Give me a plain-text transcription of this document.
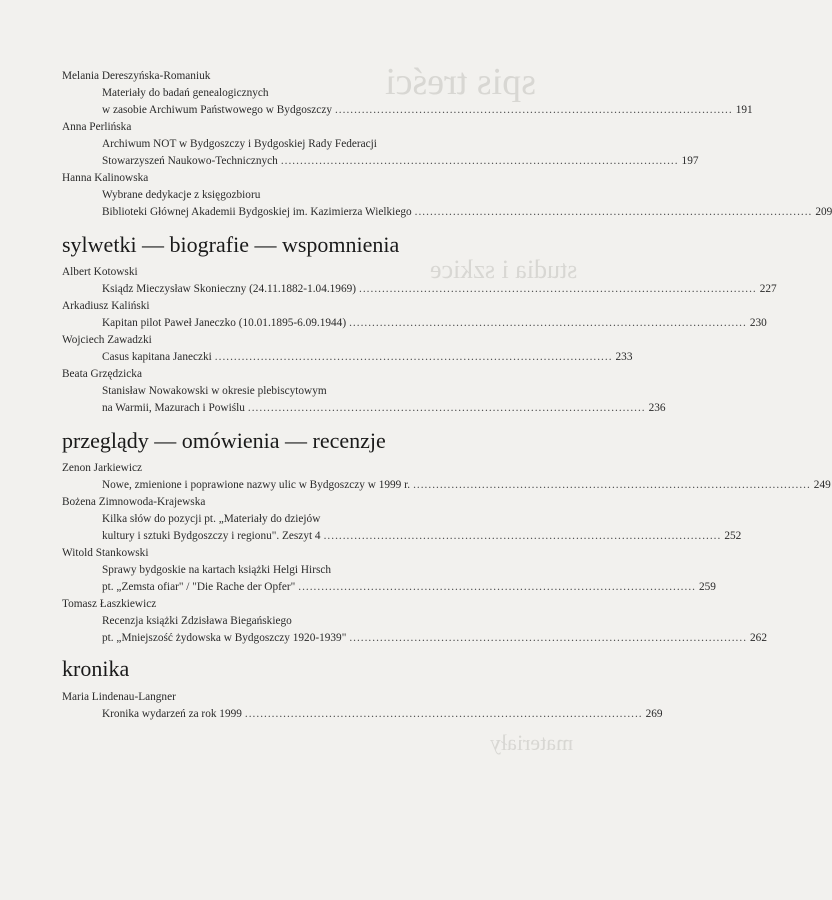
spis treści
studia i szkice
materiały
Melania Dereszyńska-Romaniuk
Materiały do badań genealogicznych
w zasobie Archiwum Państwowego w Bydgoszczy ........................................................................................................ 191
Anna Perlińska
Archiwum NOT w Bydgoszczy i Bydgoskiej Rady Federacji
Stowarzyszeń Naukowo-Technicznych ........................................................................................................ 197
Hanna Kalinowska
Wybrane dedykacje z księgozbioru
Biblioteki Głównej Akademii Bydgoskiej im. Kazimierza Wielkiego ........................................................................................................ 209
sylwetki — biografie — wspomnienia
Albert Kotowski
Ksiądz Mieczysław Skonieczny (24.11.1882-1.04.1969) ........................................................................................................ 227
Arkadiusz Kaliński
Kapitan pilot Paweł Janeczko (10.01.1895-6.09.1944) ........................................................................................................ 230
Wojciech Zawadzki
Casus kapitana Janeczki ........................................................................................................ 233
Beata Grzędzicka
Stanisław Nowakowski w okresie plebiscytowym
na Warmii, Mazurach i Powiślu ........................................................................................................ 236
przeglądy — omówienia — recenzje
Zenon Jarkiewicz
Nowe, zmienione i poprawione nazwy ulic w Bydgoszczy w 1999 r. ........................................................................................................ 249
Bożena Zimnowoda-Krajewska
Kilka słów do pozycji pt. „Materiały do dziejów
kultury i sztuki Bydgoszczy i regionu". Zeszyt 4 ........................................................................................................ 252
Witold Stankowski
Sprawy bydgoskie na kartach książki Helgi Hirsch
pt. „Zemsta ofiar" / "Die Rache der Opfer" ........................................................................................................ 259
Tomasz Łaszkiewicz
Recenzja książki Zdzisława Biegańskiego
pt. „Mniejszość żydowska w Bydgoszczy 1920-1939" ........................................................................................................ 262
kronika
Maria Lindenau-Langner
Kronika wydarzeń za rok 1999 ........................................................................................................ 269
